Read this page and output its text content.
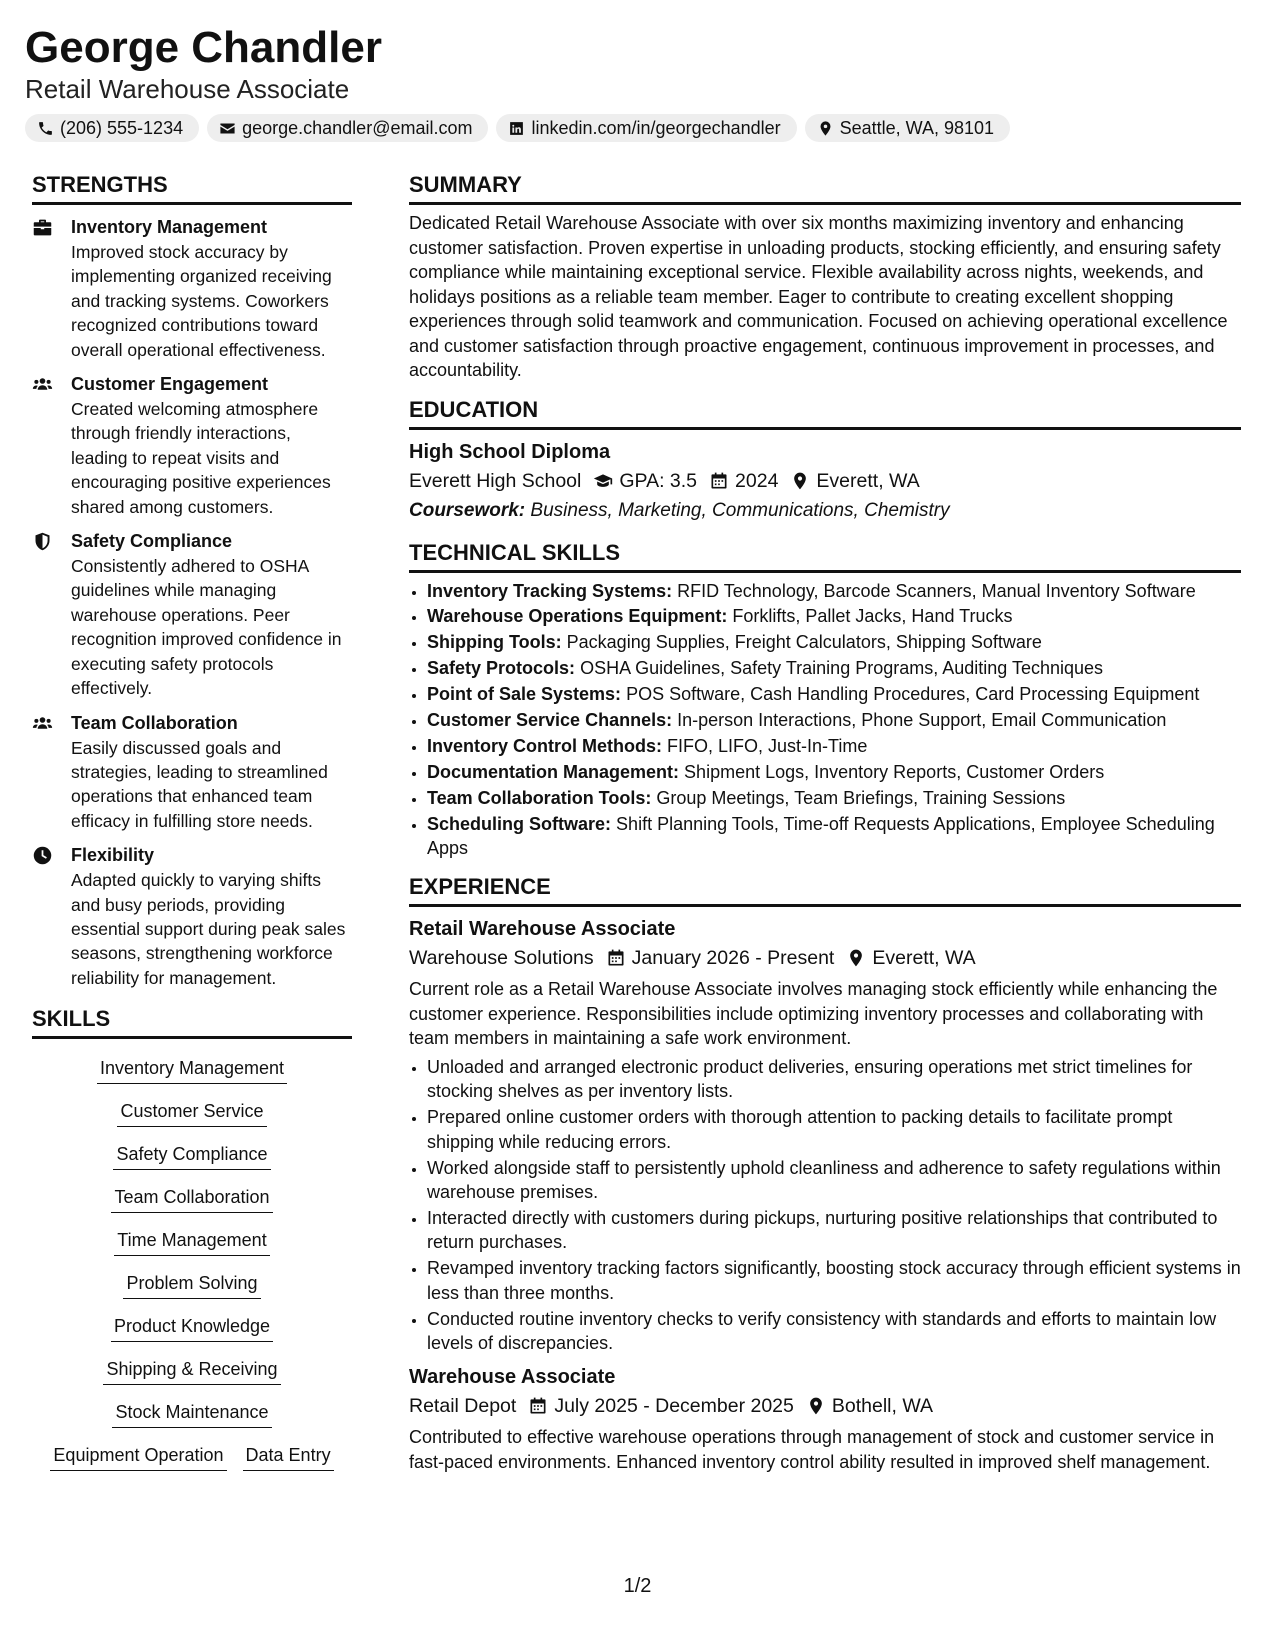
George Chandler
Retail Warehouse Associate
(206) 555-1234	george.chandler@email.com	linkedin.com/in/georgechandler	Seattle, WA, 98101
STRENGTHS
Inventory Management
Improved stock accuracy by implementing organized receiving and tracking systems. Coworkers recognized contributions toward overall operational effectiveness.
Customer Engagement
Created welcoming atmosphere through friendly interactions, leading to repeat visits and encouraging positive experiences shared among customers.
Safety Compliance
Consistently adhered to OSHA guidelines while managing warehouse operations. Peer recognition improved confidence in executing safety protocols effectively.
Team Collaboration
Easily discussed goals and strategies, leading to streamlined operations that enhanced team efficacy in fulfilling store needs.
Flexibility
Adapted quickly to varying shifts and busy periods, providing essential support during peak sales seasons, strengthening workforce reliability for management.
SKILLS
Inventory Management
Customer Service
Safety Compliance
Team Collaboration
Time Management
Problem Solving
Product Knowledge
Shipping & Receiving
Stock Maintenance
Equipment Operation Data Entry
SUMMARY
Dedicated Retail Warehouse Associate with over six months maximizing inventory and enhancing customer satisfaction. Proven expertise in unloading products, stocking efficiently, and ensuring safety compliance while maintaining exceptional service. Flexible availability across nights, weekends, and holidays positions as a reliable team member. Eager to contribute to creating excellent shopping experiences through solid teamwork and communication. Focused on achieving operational excellence and customer satisfaction through proactive engagement, continuous improvement in processes, and accountability.
EDUCATION
High School Diploma
Everett High School GPA: 3.5 2024 Everett, WA
Coursework: Business, Marketing, Communications, Chemistry
TECHNICAL SKILLS
• Inventory Tracking Systems: RFID Technology, Barcode Scanners, Manual Inventory Software
• Warehouse Operations Equipment: Forklifts, Pallet Jacks, Hand Trucks
• Shipping Tools: Packaging Supplies, Freight Calculators, Shipping Software
• Safety Protocols: OSHA Guidelines, Safety Training Programs, Auditing Techniques
• Point of Sale Systems: POS Software, Cash Handling Procedures, Card Processing Equipment
• Customer Service Channels: In-person Interactions, Phone Support, Email Communication
• Inventory Control Methods: FIFO, LIFO, Just-In-Time
• Documentation Management: Shipment Logs, Inventory Reports, Customer Orders
• Team Collaboration Tools: Group Meetings, Team Briefings, Training Sessions
• Scheduling Software: Shift Planning Tools, Time-off Requests Applications, Employee Scheduling Apps
EXPERIENCE
Retail Warehouse Associate
Warehouse Solutions January 2026 - Present Everett, WA
Current role as a Retail Warehouse Associate involves managing stock efficiently while enhancing the customer experience. Responsibilities include optimizing inventory processes and collaborating with team members in maintaining a safe work environment.
• Unloaded and arranged electronic product deliveries, ensuring operations met strict timelines for stocking shelves as per inventory lists.
• Prepared online customer orders with thorough attention to packing details to facilitate prompt shipping while reducing errors.
• Worked alongside staff to persistently uphold cleanliness and adherence to safety regulations within warehouse premises.
• Interacted directly with customers during pickups, nurturing positive relationships that contributed to return purchases.
• Revamped inventory tracking factors significantly, boosting stock accuracy through efficient systems in less than three months.
• Conducted routine inventory checks to verify consistency with standards and efforts to maintain low levels of discrepancies.
Warehouse Associate
Retail Depot July 2025 - December 2025 Bothell, WA
Contributed to effective warehouse operations through management of stock and customer service in fast-paced environments. Enhanced inventory control ability resulted in improved shelf management.
1/2
